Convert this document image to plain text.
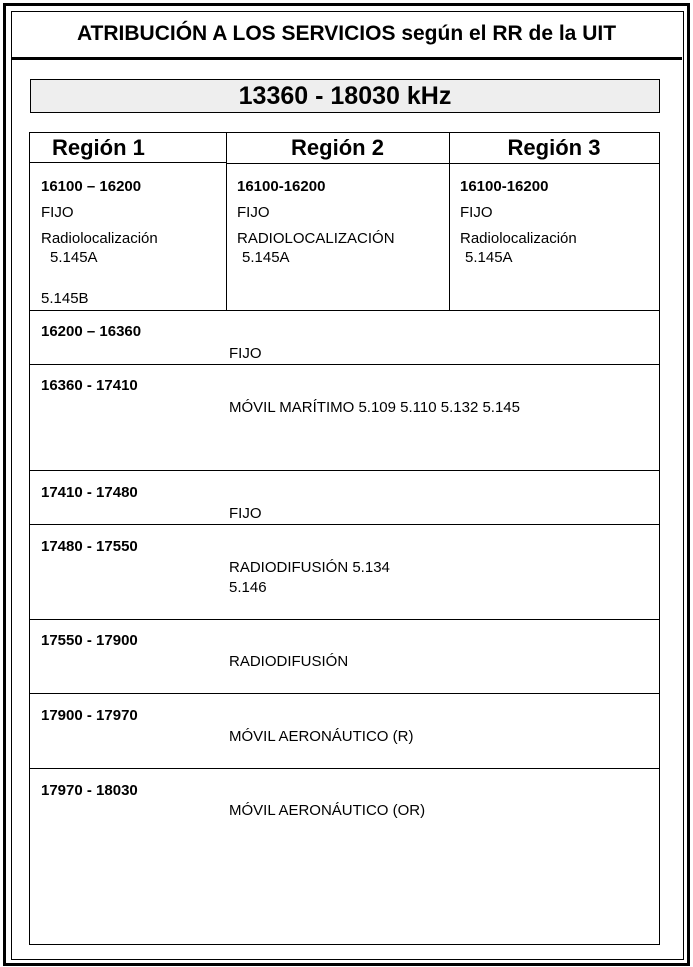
ATRIBUCIÓN A LOS SERVICIOS según el RR de la UIT
13360 - 18030 kHz
Región 1	Región 2	Región 3
16100 – 16200
FIJO
Radiolocalización
5.145A
5.145B
16100-16200
FIJO
RADIOLOCALIZACIÓN
5.145A
16100-16200
FIJO
Radiolocalización
5.145A
16200 – 16360
FIJO
16360 - 17410
MÓVIL MARÍTIMO 5.109 5.110 5.132 5.145
17410 - 17480
FIJO
17480 - 17550
RADIODIFUSIÓN 5.134
5.146
17550 - 17900
RADIODIFUSIÓN
17900 - 17970
MÓVIL AERONÁUTICO (R)
17970 - 18030
MÓVIL AERONÁUTICO (OR)
